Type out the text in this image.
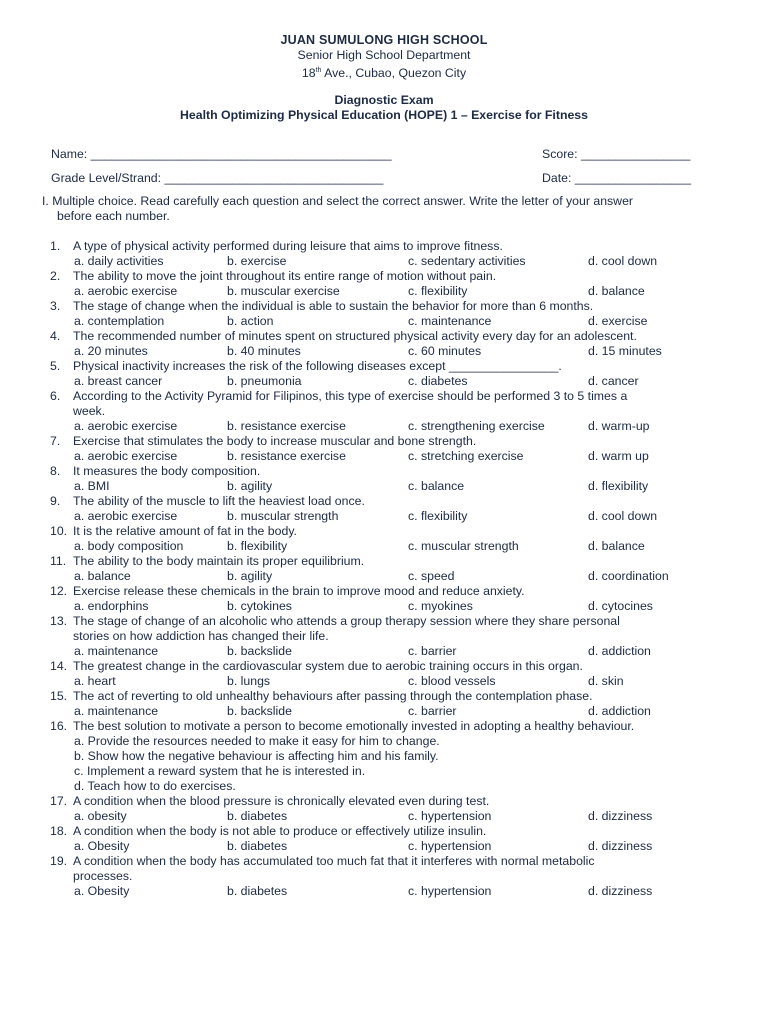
JUAN SUMULONG HIGH SCHOOL
Senior High School Department
18th Ave., Cubao, Quezon City
Diagnostic Exam
Health Optimizing Physical Education (HOPE) 1 – Exercise for Fitness
Name: ____________________________________________	Score: ________________
Grade Level/Strand: ________________________________	Date: _________________
I. Multiple choice. Read carefully each question and select the correct answer. Write the letter of your answer
before each number.
1. A type of physical activity performed during leisure that aims to improve fitness.
a. daily activities	b. exercise	c. sedentary activities	d. cool down
2. The ability to move the joint throughout its entire range of motion without pain.
a. aerobic exercise	b. muscular exercise	c. flexibility	d. balance
3. The stage of change when the individual is able to sustain the behavior for more than 6 months.
a. contemplation	b. action	c. maintenance	d. exercise
4. The recommended number of minutes spent on structured physical activity every day for an adolescent.
a. 20 minutes	b. 40 minutes	c. 60 minutes	d. 15 minutes
5. Physical inactivity increases the risk of the following diseases except ________________.
a. breast cancer	b. pneumonia	c. diabetes	d. cancer
6. According to the Activity Pyramid for Filipinos, this type of exercise should be performed 3 to 5 times a
week.
a. aerobic exercise	b. resistance exercise	c. strengthening exercise	d. warm-up
7. Exercise that stimulates the body to increase muscular and bone strength.
a. aerobic exercise	b. resistance exercise	c. stretching exercise	d. warm up
8. It measures the body composition.
a. BMI	b. agility	c. balance	d. flexibility
9. The ability of the muscle to lift the heaviest load once.
a. aerobic exercise	b. muscular strength	c. flexibility	d. cool down
10. It is the relative amount of fat in the body.
a. body composition	b. flexibility	c. muscular strength	d. balance
11. The ability to the body maintain its proper equilibrium.
a. balance	b. agility	c. speed	d. coordination
12. Exercise release these chemicals in the brain to improve mood and reduce anxiety.
a. endorphins	b. cytokines	c. myokines	d. cytocines
13. The stage of change of an alcoholic who attends a group therapy session where they share personal
stories on how addiction has changed their life.
a. maintenance	b. backslide	c. barrier	d. addiction
14. The greatest change in the cardiovascular system due to aerobic training occurs in this organ.
a. heart	b. lungs	c. blood vessels	d. skin
15. The act of reverting to old unhealthy behaviours after passing through the contemplation phase.
a. maintenance	b. backslide	c. barrier	d. addiction
16. The best solution to motivate a person to become emotionally invested in adopting a healthy behaviour.
a. Provide the resources needed to make it easy for him to change.
b. Show how the negative behaviour is affecting him and his family.
c. Implement a reward system that he is interested in.
d. Teach how to do exercises.
17. A condition when the blood pressure is chronically elevated even during test.
a. obesity	b. diabetes	c. hypertension	d. dizziness
18. A condition when the body is not able to produce or effectively utilize insulin.
a. Obesity	b. diabetes	c. hypertension	d. dizziness
19. A condition when the body has accumulated too much fat that it interferes with normal metabolic
processes.
a. Obesity	b. diabetes	c. hypertension	d. dizziness
